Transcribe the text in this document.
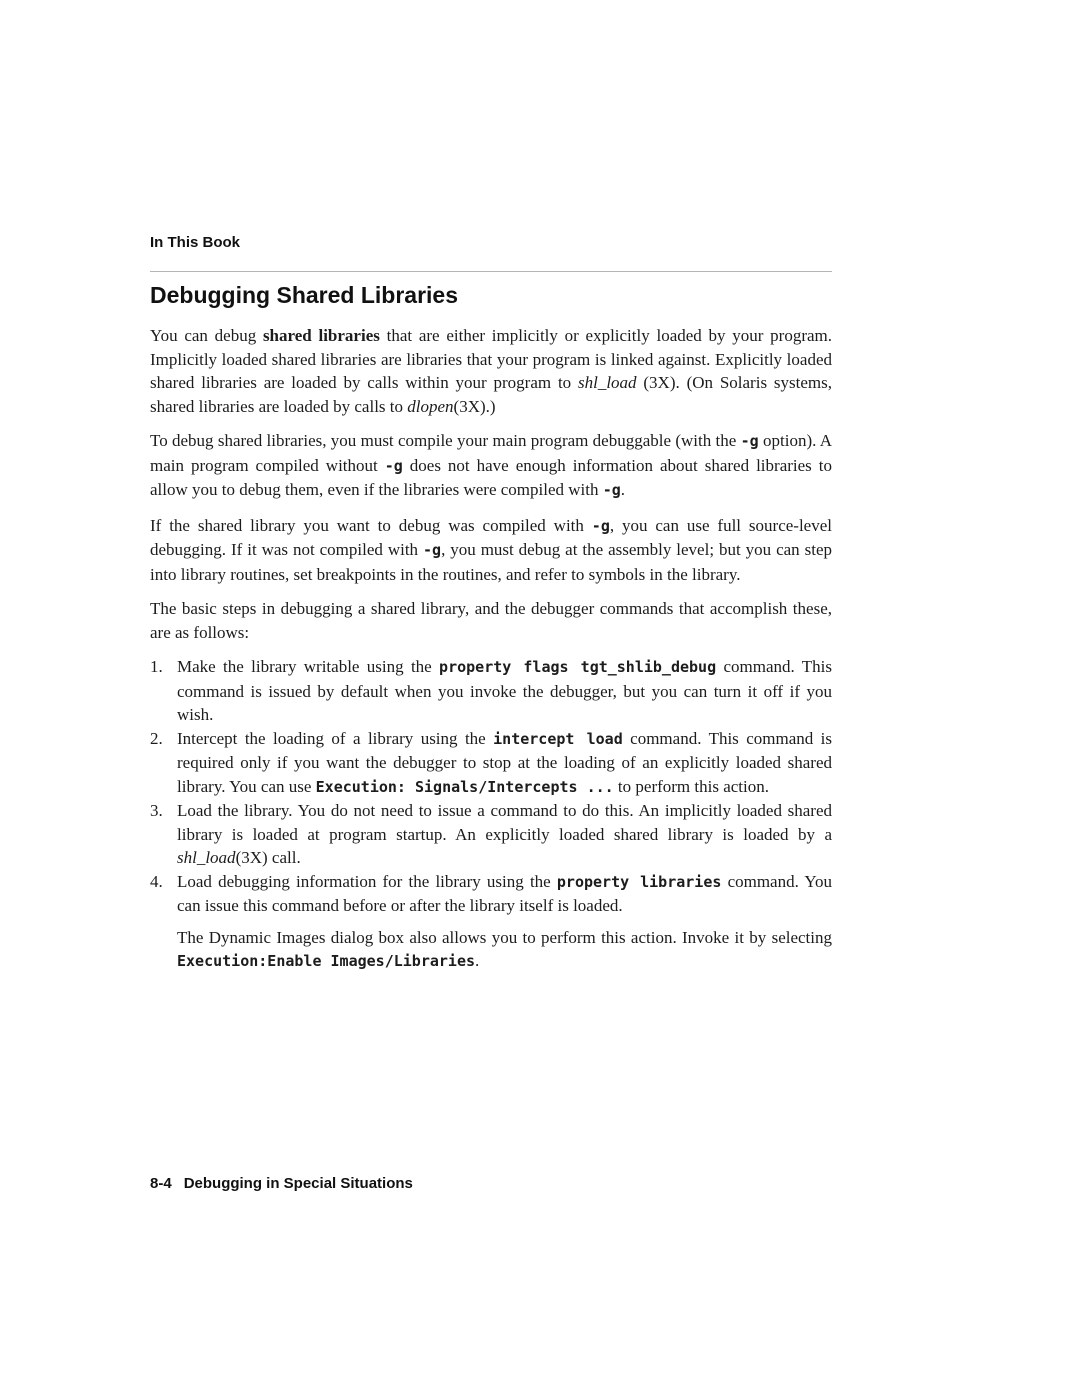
In This Book
Debugging Shared Libraries

You can debug shared libraries that are either implicitly or explicitly loaded by your program. Implicitly loaded shared libraries are libraries that your program is linked against. Explicitly loaded shared libraries are loaded by calls within your program to shl_load (3X). (On Solaris systems, shared libraries are loaded by calls to dlopen(3X).)

To debug shared libraries, you must compile your main program debuggable (with the -g option). A main program compiled without -g does not have enough information about shared libraries to allow you to debug them, even if the libraries were compiled with -g.

If the shared library you want to debug was compiled with -g, you can use full source-level debugging. If it was not compiled with -g, you must debug at the assembly level; but you can step into library routines, set breakpoints in the routines, and refer to symbols in the library.

The basic steps in debugging a shared library, and the debugger commands that accomplish these, are as follows:

1. Make the library writable using the property flags tgt_shlib_debug command. This command is issued by default when you invoke the debugger, but you can turn it off if you wish.
2. Intercept the loading of a library using the intercept load command. This command is required only if you want the debugger to stop at the loading of an explicitly loaded shared library. You can use Execution: Signals/Intercepts ... to perform this action.
3. Load the library. You do not need to issue a command to do this. An implicitly loaded shared library is loaded at program startup. An explicitly loaded shared library is loaded by a shl_load(3X) call.
4. Load debugging information for the library using the property libraries command. You can issue this command before or after the library itself is loaded.

The Dynamic Images dialog box also allows you to perform this action. Invoke it by selecting Execution:Enable Images/Libraries.

8-4 Debugging in Special Situations
